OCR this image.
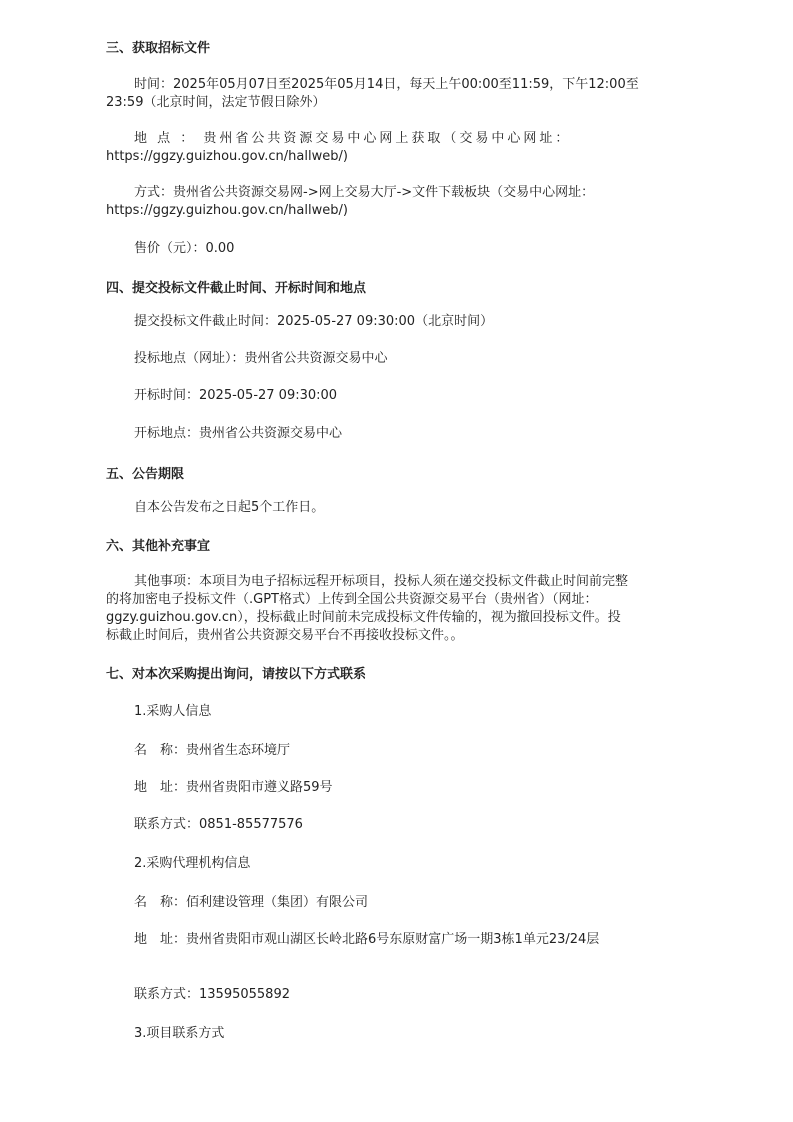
三、获取招标文件
时间：2025年05月07日至2025年05月14日，每天上午00:00至11:59，下午12:00至
23:59（北京时间，法定节假日除外）
地 点 ： 贵州省公共资源交易中心网上获取（交易中心网址：
https://ggzy.guizhou.gov.cn/hallweb/)
方式：贵州省公共资源交易网->网上交易大厅->文件下载板块（交易中心网址：
https://ggzy.guizhou.gov.cn/hallweb/)
售价（元）：0.00
四、提交投标文件截止时间、开标时间和地点
提交投标文件截止时间：2025-05-27 09:30:00（北京时间）
投标地点（网址）：贵州省公共资源交易中心
开标时间：2025-05-27 09:30:00
开标地点：贵州省公共资源交易中心
五、公告期限
自本公告发布之日起5个工作日。
六、其他补充事宜
其他事项：本项目为电子招标远程开标项目，投标人须在递交投标文件截止时间前完整
的将加密电子投标文件（.GPT格式）上传到全国公共资源交易平台（贵州省）（网址：
ggzy.guizhou.gov.cn），投标截止时间前未完成投标文件传输的，视为撤回投标文件。投
标截止时间后，贵州省公共资源交易平台不再接收投标文件。。
七、对本次采购提出询问，请按以下方式联系
1.采购人信息
名　称：贵州省生态环境厅
地　址：贵州省贵阳市遵义路59号
联系方式：0851-85577576
2.采购代理机构信息
名　称：佰利建设管理（集团）有限公司
地　址：贵州省贵阳市观山湖区长岭北路6号东原财富广场一期3栋1单元23/24层
联系方式：13595055892
3.项目联系方式
